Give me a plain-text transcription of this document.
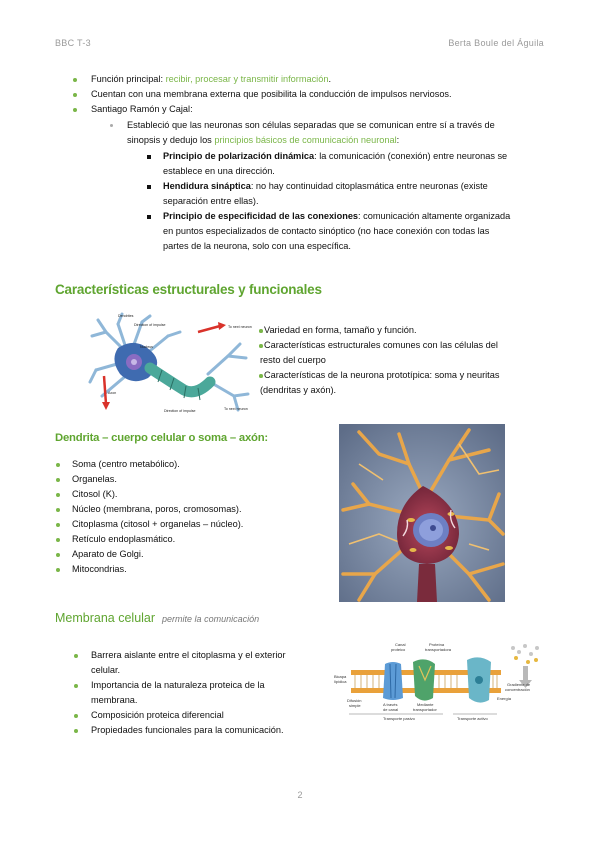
BBC T-3	Berta Boule del Águila
Función principal: recibir, procesar y transmitir información.
Cuentan con una membrana externa que posibilita la conducción de impulsos nerviosos.
Santiago Ramón y Cajal:
Estableció que las neuronas son células separadas que se comunican entre sí a través de
sinopsis y dedujo los principios básicos de comunicación neuronal:
Principio de polarización dinámica: la comunicación (conexión) entre neuronas se
establece en una dirección.
Hendidura sináptica: no hay continuidad citoplasmática entre neuronas (existe
separación entre ellas).
Principio de especificidad de las conexiones: comunicación altamente organizada
en puntos especializados de contacto sinóptico (no hace conexión con todas las
partes de la neurona, solo con una específica.
Características estructurales y funcionales
Dendrites
Direction of impulse
Nucleus
To next neuron
To next neuron
Direction of impulse
Axon
Variedad en forma, tamaño y función.
Características estructurales comunes con las células del
resto del cuerpo
Características de la neurona prototípica: soma y neuritas
(dendritas y axón).
Dendrita – cuerpo celular o soma – axón:
Soma (centro metabólico).
Organelas.
Citosol (K).
Núcleo (membrana, poros, cromosomas).
Citoplasma (citosol + organelas – núcleo).
Retículo endoplasmático.
Aparato de Golgi.
Mitocondrias.
Membrana celular permite la comunicación
Barrera aislante entre el citoplasma y el exterior
celular.
Importancia de la naturaleza proteica de la
membrana.
Composición proteica diferencial
Propiedades funcionales para la comunicación.
Canal
proteico
Proteína
transportadora
Bicapa
lipídica
Difusión
simple	A través
de canal
Mediante
transportador
Energía
Gradiente de
concentración
Transporte pasivo	Transporte activo
2
